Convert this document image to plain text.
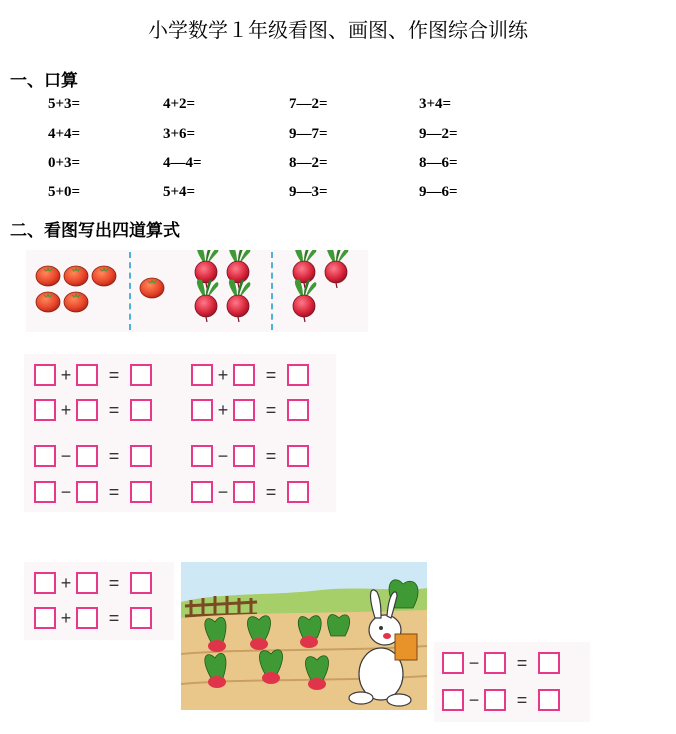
小学数学１年级看图、画图、作图综合训练
一、口算
5+3=	4+2=	7—2=	3+4=
4+4=	3+6=	9—7=	9—2=
0+3=	4—4=	8—2=	8—6=
5+0=	5+4=	9—3=	9—6=
二、看图写出四道算式
+	=	+	=
+	=	+	=
−	=	−	=
−	=	−	=
+	=
+	=
−	=
−	=
